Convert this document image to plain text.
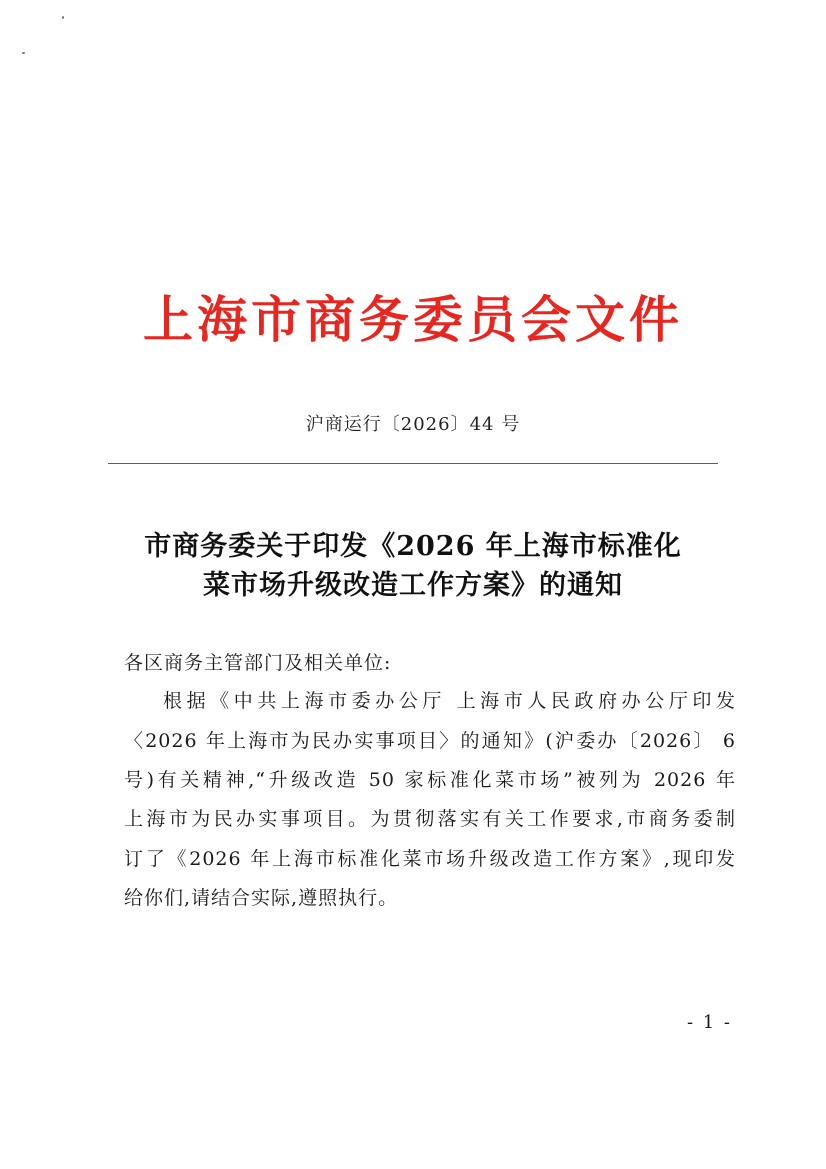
上海市商务委员会文件
沪商运行〔2026〕44 号
市商务委关于印发《2026 年上海市标准化
菜市场升级改造工作方案》的通知
各区商务主管部门及相关单位:
根据《中共上海市委办公厅 上海市人民政府办公厅印发
〈2026 年上海市为民办实事项目〉的通知》(沪委办〔2026〕 6
号)有关精神,“升级改造 50 家标准化菜市场”被列为 2026 年
上海市为民办实事项目。为贯彻落实有关工作要求,市商务委制
订了《2026 年上海市标准化菜市场升级改造工作方案》,现印发
给你们,请结合实际,遵照执行。
- 1 -
